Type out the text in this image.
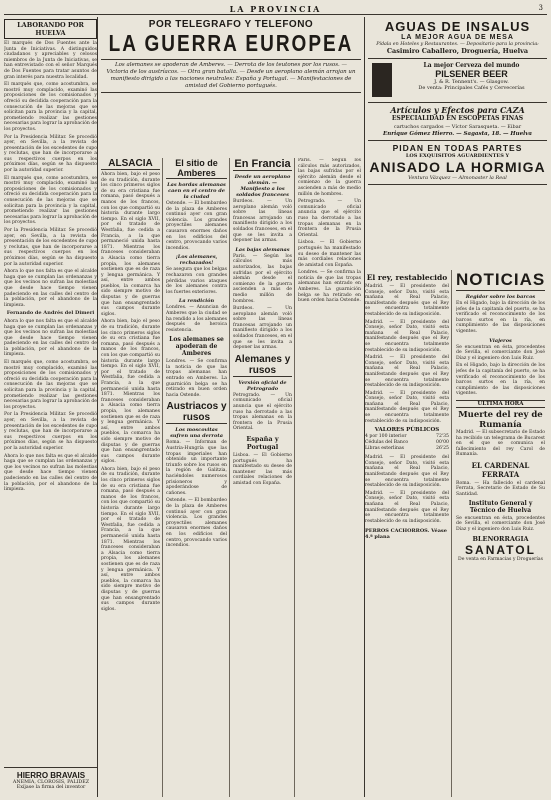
LA PROVINCIA	3
LABORANDO POR HUELVA

El marqués de Dos Fuentes ante la Junta de Iniciativas. A distinguidos ciudadanos y apreciables y celosos miembros de la Junta de Iniciativas, se han entrevistado con el señor Marqués de Dos Fuentes para tratar asuntos de gran interés para nuestra localidad.

El marqués que, como acostumbra, se mostró muy complacido, examinó las proposiciones de los comisionados y ofreció su decidida cooperación para la consecución de las mejoras que se solicitan para la provincia y la capital, prometiendo realizar las gestiones necesarias para lograr la aprobación de los proyectos.

Por la Presidencia Militar. Se procedió ayer, en Sevilla, a la revista de presentación de los excedentes de cupo y reclutas, que han de incorporarse a sus respectivos cuerpos en los próximos días, según se ha dispuesto por la autoridad superior.

El marqués que, como acostumbra, se mostró muy complacido, examinó las proposiciones de los comisionados y ofreció su decidida cooperación para la consecución de las mejoras que se solicitan para la provincia y la capital, prometiendo realizar las gestiones necesarias para lograr la aprobación de los proyectos.

Por la Presidencia Militar. Se procedió ayer, en Sevilla, a la revista de presentación de los excedentes de cupo y reclutas, que han de incorporarse a sus respectivos cuerpos en los próximos días, según se ha dispuesto por la autoridad superior.

Ahora lo que nos falta es que el alcalde haga que se cumplan las ordenanzas y que los vecinos no sufran las molestias que desde hace tiempo vienen padeciendo en las calles del centro de la población, por el abandono de la limpieza.

Fernando de Andrés del Dimeri

Ahora lo que nos falta es que el alcalde haga que se cumplan las ordenanzas y que los vecinos no sufran las molestias que desde hace tiempo vienen padeciendo en las calles del centro de la población, por el abandono de la limpieza.

El marqués que, como acostumbra, se mostró muy complacido, examinó las proposiciones de los comisionados y ofreció su decidida cooperación para la consecución de las mejoras que se solicitan para la provincia y la capital, prometiendo realizar las gestiones necesarias para lograr la aprobación de los proyectos.

Por la Presidencia Militar. Se procedió ayer, en Sevilla, a la revista de presentación de los excedentes de cupo y reclutas, que han de incorporarse a sus respectivos cuerpos en los próximos días, según se ha dispuesto por la autoridad superior.

Ahora lo que nos falta es que el alcalde haga que se cumplan las ordenanzas y que los vecinos no sufran las molestias que desde hace tiempo vienen padeciendo en las calles del centro de la población, por el abandono de la limpieza.

HIERRO BRAVAIS
ANEMIA, CLOROSIS, PALIDEZ
Exíjase la firma del inventor
POR TELEGRAFO Y TELEFONO
LA GUERRA EUROPEA
Los alemanes se apoderan de Amberes. — Derrota de los teutones por los rusos. — Victoria de los austríacos. — Otra gran batalla. — Desde un aeroplano alemán arrojan un manifiesto dirigido a las naciones neutrales: España y Portugal. — Manifestaciones de amistad del Gobierno portugués.
ALSACIA

Ahora bien, bajo el peso de su tradición, durante los cinco primeros siglos de su era cristiana fue romana, pasó después a manos de los francos, con los que compartió su historia durante largo tiempo. En el siglo XVII, por el tratado de Westfalia, fue cedida a Francia, a la que permaneció unida hasta 1871. Mientras los franceses consideraban a Alsacia como tierra propia, los alemanes sostienen que es de raza y lengua germánica. Y así, entre ambos pueblos, la comarca ha sido siempre motivo de disputas y de guerras que han ensangrentado sus campos durante siglos.

Ahora bien, bajo el peso de su tradición, durante los cinco primeros siglos de su era cristiana fue romana, pasó después a manos de los francos, con los que compartió su historia durante largo tiempo. En el siglo XVII, por el tratado de Westfalia, fue cedida a Francia, a la que permaneció unida hasta 1871. Mientras los franceses consideraban a Alsacia como tierra propia, los alemanes sostienen que es de raza y lengua germánica. Y así, entre ambos pueblos, la comarca ha sido siempre motivo de disputas y de guerras que han ensangrentado sus campos durante siglos.

Ahora bien, bajo el peso de su tradición, durante los cinco primeros siglos de su era cristiana fue romana, pasó después a manos de los francos, con los que compartió su historia durante largo tiempo. En el siglo XVII, por el tratado de Westfalia, fue cedida a Francia, a la que permaneció unida hasta 1871. Mientras los franceses consideraban a Alsacia como tierra propia, los alemanes sostienen que es de raza y lengua germánica. Y así, entre ambos pueblos, la comarca ha sido siempre motivo de disputas y de guerras que han ensangrentado sus campos durante siglos.

El sitio de Amberes
Las hordas alemanas caen en el centro de la ciudad

Ostende. — El bombardeo de la plaza de Amberes continuó ayer con gran violencia. Los grandes proyectiles alemanes causaron enormes daños en los edificios del centro, provocando varios incendios.

¡Los alemanes, rechazados!

Se asegura que los belgas rechazaron con grandes pérdidas varios ataques de los alemanes contra los fuertes exteriores.

La rendición

Londres. — Anuncian de Amberes que la ciudad se ha rendido a los alemanes después de heroica resistencia.

Los alemanes se apoderan de Amberes

Londres. — Se confirma la noticia de que las tropas alemanas han entrado en Amberes. La guarnición belga se ha retirado en buen orden hacia Ostende.

Austriacos y rusos
Los moscovitas sufren una derrota

Roma. — Informan de Austria-Hungría que las tropas imperiales han obtenido un importante triunfo sobre los rusos en la región de Galitzia, haciéndoles numerosos prisioneros y apoderándose de cañones.

Ostende. — El bombardeo de la plaza de Amberes continuó ayer con gran violencia. Los grandes proyectiles alemanes causaron enormes daños en los edificios del centro, provocando varios incendios.

En Francia
Desde un aeroplano alemán. — Manifiesto a los soldados franceses

Burdeos. — Un aeroplano alemán voló sobre las líneas francesas arrojando un manifiesto dirigido a los soldados franceses, en el que se les invita a deponer las armas.

Las bajas alemanas

París. — Según los cálculos más autorizados, las bajas sufridas por el ejército alemán desde el comienzo de la guerra ascienden a más de medio millón de hombres.

Burdeos. — Un aeroplano alemán voló sobre las líneas francesas arrojando un manifiesto dirigido a los soldados franceses, en el que se les invita a deponer las armas.

Alemanes y rusos
Versión oficial de Petrogrado

Petrogrado. — Un comunicado oficial anuncia que el ejército ruso ha derrotado a las tropas alemanas en la frontera de la Prusia Oriental.

España y Portugal

Lisboa. — El Gobierno portugués ha manifestado su deseo de mantener las más cordiales relaciones de amistad con España.

París. — Según los cálculos más autorizados, las bajas sufridas por el ejército alemán desde el comienzo de la guerra ascienden a más de medio millón de hombres.

Petrogrado. — Un comunicado oficial anuncia que el ejército ruso ha derrotado a las tropas alemanas en la frontera de la Prusia Oriental.

Lisboa. — El Gobierno portugués ha manifestado su deseo de mantener las más cordiales relaciones de amistad con España.

Londres. — Se confirma la noticia de que las tropas alemanas han entrado en Amberes. La guarnición belga se ha retirado en buen orden hacia Ostende.

AGUAS DE INSALUS
LA MEJOR AGUA DE MESA
Pídala en Hoteles y Restaurantes. — Depositario para la provincia:
Casimiro Caballero, Droguería, Huelva
La mejor Cerveza del mundo
PILSENER BEER
J. & R. Tennent's. — Glasgow.
De venta: Principales Cafés y Cervecerías
Artículos y Efectos para CAZA
ESPECIALIDAD EN ESCOPETAS FINAS
cartuchos cargados — Víctor Sarasqueta. — Eibar
Enrique Gómez Hierro. — Sagasta, 18. — Huelva
PIDAN EN TODAS PARTES
LOS EXQUISITOS AGUARDIENTES Y
ANISADO LA HORMIGA
Ventura Vázquez — Almonaster la Real
El rey, restablecido

Madrid. — El presidente del Consejo, señor Dato, visitó esta mañana el Real Palacio, manifestando después que el Rey se encuentra totalmente restablecido de su indisposición.

Madrid. — El presidente del Consejo, señor Dato, visitó esta mañana el Real Palacio, manifestando después que el Rey se encuentra totalmente restablecido de su indisposición.

Madrid. — El presidente del Consejo, señor Dato, visitó esta mañana el Real Palacio, manifestando después que el Rey se encuentra totalmente restablecido de su indisposición.

Madrid. — El presidente del Consejo, señor Dato, visitó esta mañana el Real Palacio, manifestando después que el Rey se encuentra totalmente restablecido de su indisposición.

VALORES PÚBLICOS
4 por 100 interior	72'35
Cédulas del Banco	00'00
Libras esterlinas	26'25

Madrid. — El presidente del Consejo, señor Dato, visitó esta mañana el Real Palacio, manifestando después que el Rey se encuentra totalmente restablecido de su indisposición.

Madrid. — El presidente del Consejo, señor Dato, visitó esta mañana el Real Palacio, manifestando después que el Rey se encuentra totalmente restablecido de su indisposición.

PERROS CACHORROS. Véase 4.ª plana
NOTICIAS
Regidor sobre los barcos

En el Higado, bajo la dirección de los jefes de la capitanía del puerto, se ha verificado el reconocimiento de los barcos surtos en la ría, en cumplimiento de las disposiciones vigentes.

Viajeros

Se encuentran en ésta, procedentes de Sevilla, el comerciante don José Díaz y el ingeniero don Luis Ruiz.

En el Higado, bajo la dirección de los jefes de la capitanía del puerto, se ha verificado el reconocimiento de los barcos surtos en la ría, en cumplimiento de las disposiciones vigentes.

ULTIMA HORA
Muerte del rey de Rumanía

Madrid. — El subsecretario de Estado ha recibido un telegrama de Bucarest en el que se comunica el fallecimiento del rey Carol de Rumanía.

EL CARDENAL FERRATA

Roma. — Ha fallecido el cardenal Ferrata, Secretario de Estado de Su Santidad.

Instituto General y Técnico de Huelva

Se encuentran en ésta, procedentes de Sevilla, el comerciante don José Díaz y el ingeniero don Luis Ruiz.

BLENORRAGIA
SANATOL

De venta en Farmacias y Droguerías
